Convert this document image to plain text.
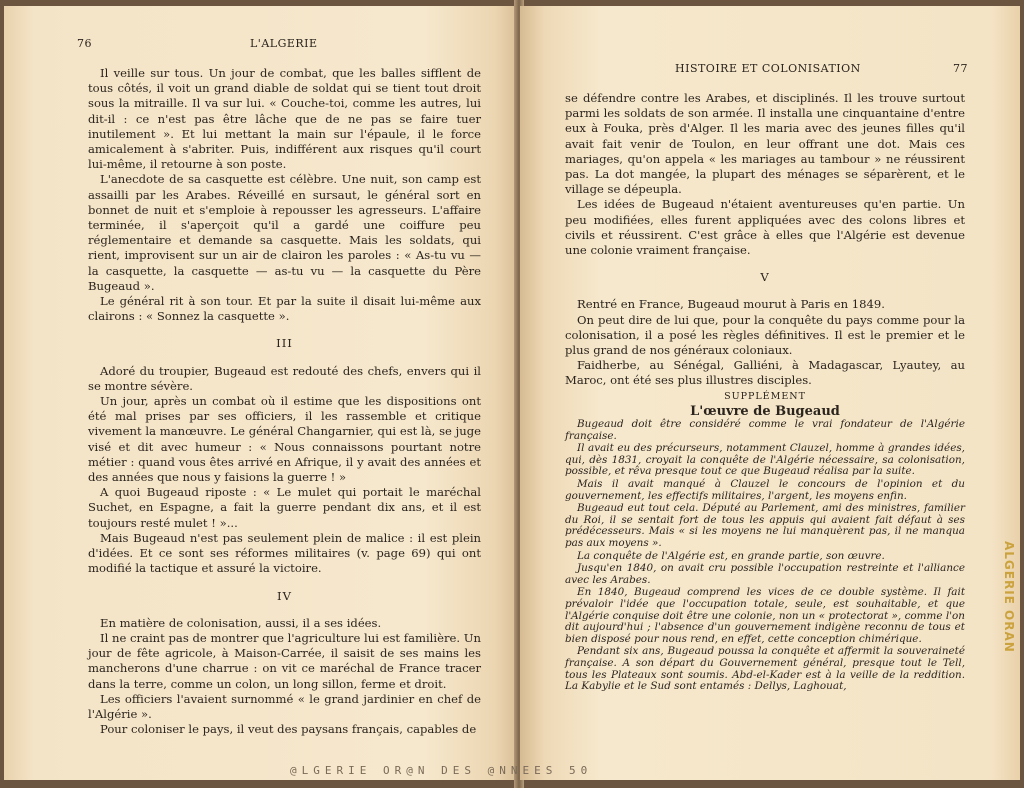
76	L'ALGERIE

Il veille sur tous. Un jour de combat, que les balles sifflent de tous côtés, il voit un grand diable de soldat qui se tient tout droit sous la mitraille. Il va sur lui. « Couche-toi, comme les autres, lui dit-il : ce n'est pas être lâche que de ne pas se faire tuer inutilement ». Et lui mettant la main sur l'épaule, il le force amicalement à s'abriter. Puis, indifférent aux risques qu'il court lui-même, il retourne à son poste.

L'anecdote de sa casquette est célèbre. Une nuit, son camp est assailli par les Arabes. Réveillé en sursaut, le général sort en bonnet de nuit et s'emploie à repousser les agresseurs. L'affaire terminée, il s'aperçoit qu'il a gardé une coiffure peu réglementaire et demande sa casquette. Mais les soldats, qui rient, improvisent sur un air de clairon les paroles : « As-tu vu — la casquette, la casquette — as-tu vu — la casquette du Père Bugeaud ».

Le général rit à son tour. Et par la suite il disait lui-même aux clairons : « Sonnez la casquette ».

III

Adoré du troupier, Bugeaud est redouté des chefs, envers qui il se montre sévère.

Un jour, après un combat où il estime que les dispositions ont été mal prises par ses officiers, il les rassemble et critique vivement la manœuvre. Le général Changarnier, qui est là, se juge visé et dit avec humeur : « Nous connaissons pourtant notre métier : quand vous êtes arrivé en Afrique, il y avait des années et des années que nous y faisions la guerre ! »

A quoi Bugeaud riposte : « Le mulet qui portait le maréchal Suchet, en Espagne, a fait la guerre pendant dix ans, et il est toujours resté mulet ! »...

Mais Bugeaud n'est pas seulement plein de malice : il est plein d'idées. Et ce sont ses réformes militaires (v. page 69) qui ont modifié la tactique et assuré la victoire.

IV

En matière de colonisation, aussi, il a ses idées.

Il ne craint pas de montrer que l'agriculture lui est familière. Un jour de fête agricole, à Maison-Carrée, il saisit de ses mains les mancherons d'une charrue : on vit ce maréchal de France tracer dans la terre, comme un colon, un long sillon, ferme et droit.

Les officiers l'avaient surnommé « le grand jardinier en chef de l'Algérie ».

Pour coloniser le pays, il veut des paysans français, capables de

HISTOIRE ET COLONISATION	77

se défendre contre les Arabes, et disciplinés. Il les trouve surtout parmi les soldats de son armée. Il installa une cinquantaine d'entre eux à Fouka, près d'Alger. Il les maria avec des jeunes filles qu'il avait fait venir de Toulon, en leur offrant une dot. Mais ces mariages, qu'on appela « les mariages au tambour » ne réussirent pas. La dot mangée, la plupart des ménages se séparèrent, et le village se dépeupla.

Les idées de Bugeaud n'étaient aventureuses qu'en partie. Un peu modifiées, elles furent appliquées avec des colons libres et civils et réussirent. C'est grâce à elles que l'Algérie est devenue une colonie vraiment française.

V

Rentré en France, Bugeaud mourut à Paris en 1849.

On peut dire de lui que, pour la conquête du pays comme pour la colonisation, il a posé les règles définitives. Il est le premier et le plus grand de nos généraux coloniaux.

Faidherbe, au Sénégal, Galliéni, à Madagascar, Lyautey, au Maroc, ont été ses plus illustres disciples.

SUPPLÉMENT

L'œuvre de Bugeaud

Bugeaud doit être considéré comme le vrai fondateur de l'Algérie française.

Il avait eu des précurseurs, notamment Clauzel, homme à grandes idées, qui, dès 1831, croyait la conquête de l'Algérie nécessaire, sa colonisation, possible, et rêva presque tout ce que Bugeaud réalisa par la suite.

Mais il avait manqué à Clauzel le concours de l'opinion et du gouvernement, les effectifs militaires, l'argent, les moyens enfin.

Bugeaud eut tout cela. Député au Parlement, ami des ministres, familier du Roi, il se sentait fort de tous les appuis qui avaient fait défaut à ses prédécesseurs. Mais « si les moyens ne lui manquèrent pas, il ne manqua pas aux moyens ».

La conquête de l'Algérie est, en grande partie, son œuvre.

Jusqu'en 1840, on avait cru possible l'occupation restreinte et l'alliance avec les Arabes.

En 1840, Bugeaud comprend les vices de ce double système. Il fait prévaloir l'idée que l'occupation totale, seule, est souhaitable, et que l'Algérie conquise doit être une colonie, non un « protectorat », comme l'on dit aujourd'hui ; l'absence d'un gouvernement indigène reconnu de tous et bien disposé pour nous rend, en effet, cette conception chimérique.

Pendant six ans, Bugeaud poussa la conquête et affermit la souveraineté française. A son départ du Gouvernement général, presque tout le Tell, tous les Plateaux sont soumis. Abd-el-Kader est à la veille de la reddition. La Kabylie et le Sud sont entamés : Dellys, Laghouat,

ALGERIE ORAN
@LGERIE OR@N DES @NNEES 50
